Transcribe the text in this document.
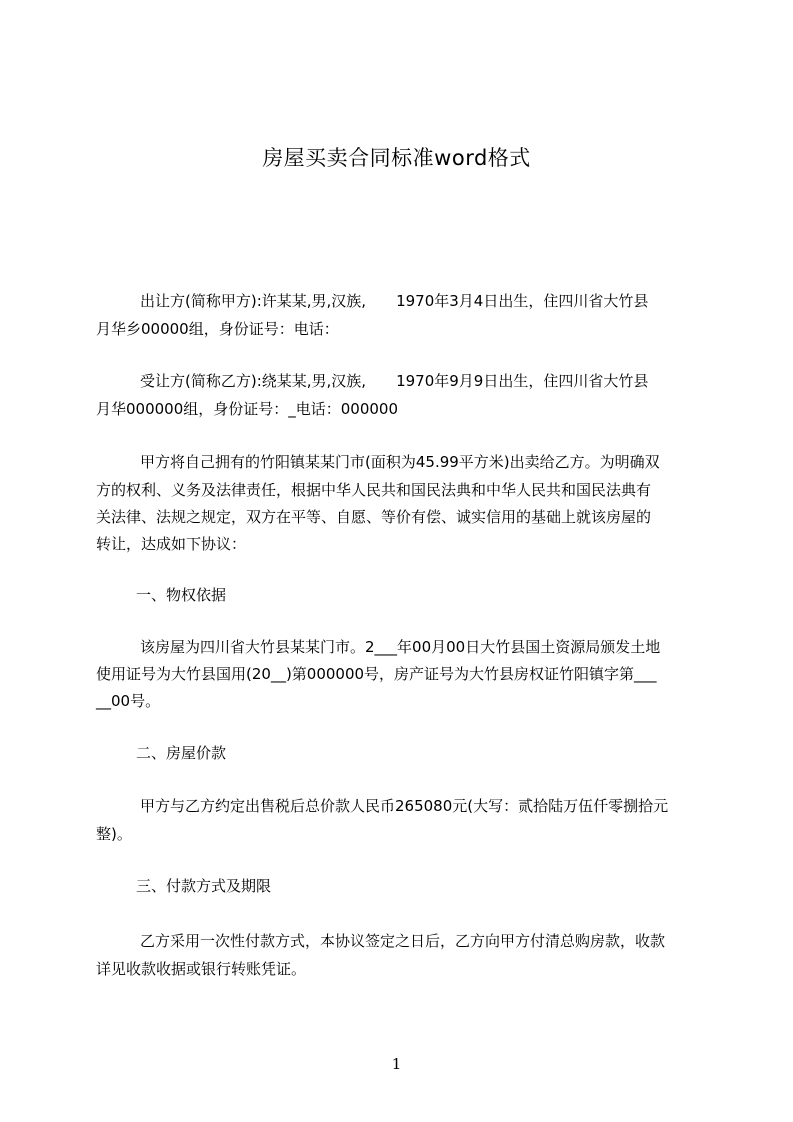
房屋买卖合同标准word格式
出让方(简称甲方):许某某,男,汉族,　　1970年3月4日出生，住四川省大竹县
月华乡00000组，身份证号：电话：
受让方(简称乙方):绕某某,男,汉族,　　1970年9月9日出生，住四川省大竹县
月华000000组，身份证号：_电话：000000
甲方将自己拥有的竹阳镇某某门市(面积为45.99平方米)出卖给乙方。为明确双
方的权利、义务及法律责任，根据中华人民共和国民法典和中华人民共和国民法典有
关法律、法规之规定，双方在平等、自愿、等价有偿、诚实信用的基础上就该房屋的
转让，达成如下协议：
一、物权依据
该房屋为四川省大竹县某某门市。2___年00月00日大竹县国土资源局颁发土地
使用证号为大竹县国用(20__)第000000号，房产证号为大竹县房权证竹阳镇字第___
__00号。
二、房屋价款
甲方与乙方约定出售税后总价款人民币265080元(大写：贰拾陆万伍仟零捌拾元
整)。
三、付款方式及期限
乙方采用一次性付款方式，本协议签定之日后，乙方向甲方付清总购房款，收款
详见收款收据或银行转账凭证。
1
